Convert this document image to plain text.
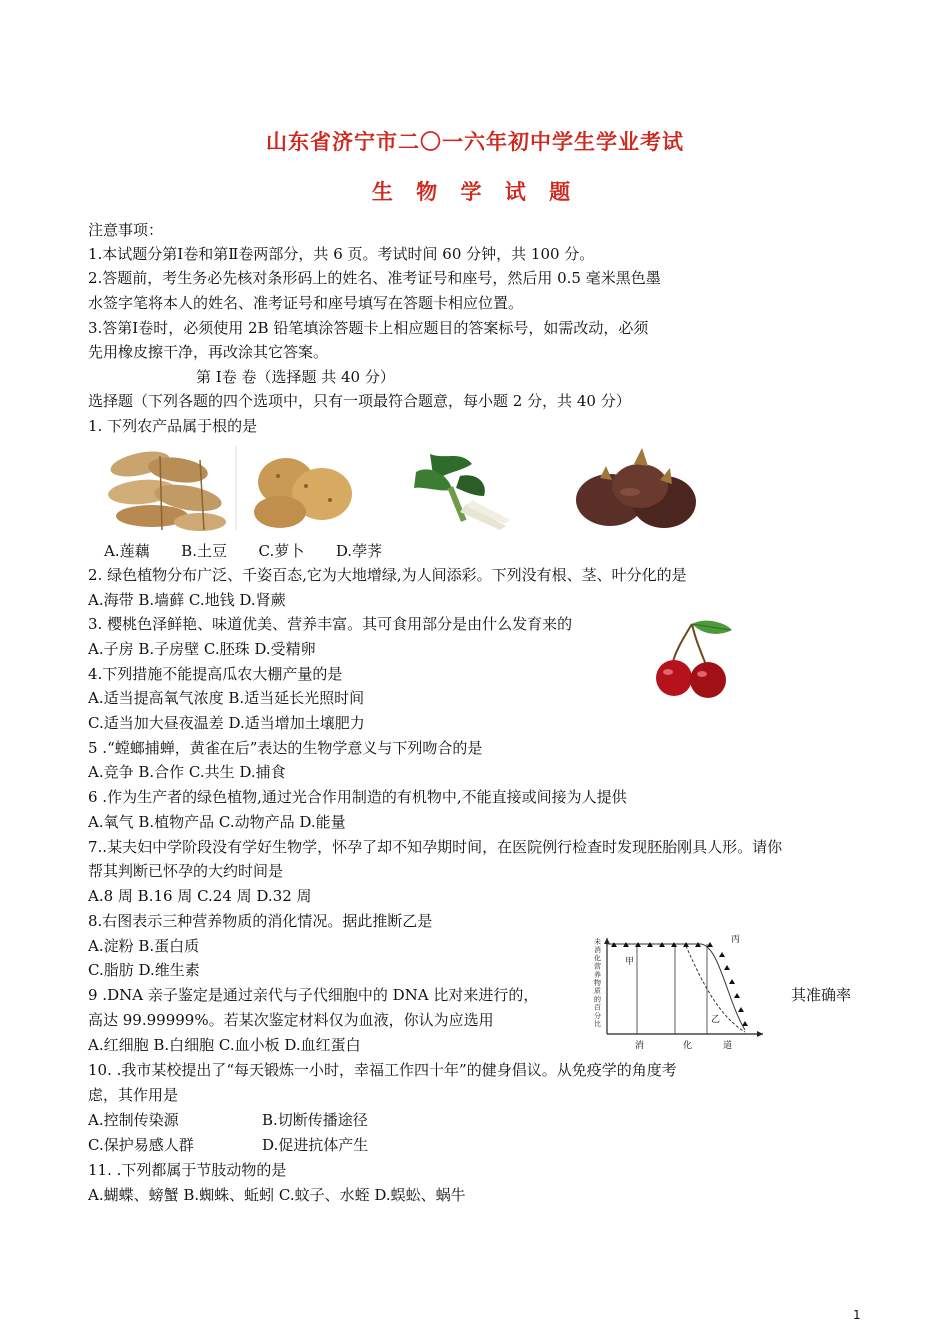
山东省济宁市二〇一六年初中学生学业考试
生 物 学 试 题
注意事项：
1.本试题分第Ⅰ卷和第Ⅱ卷两部分，共 6 页。考试时间 60 分钟，共 100 分。
2.答题前，考生务必先核对条形码上的姓名、准考证号和座号，然后用 0.5 毫米黑色墨
水签字笔将本人的姓名、准考证号和座号填写在答题卡相应位置。
3.答第Ⅰ卷时，必须使用 2B 铅笔填涂答题卡上相应题目的答案标号，如需改动，必须
先用橡皮擦干净，再改涂其它答案。
第 Ⅰ卷 卷（选择题 共 40 分）
选择题（下列各题的四个选项中，只有一项最符合题意，每小题 2 分，共 40 分）
1. 下列农产品属于根的是
A.莲藕 B.土豆 C.萝卜 D.荸荠
2. 绿色植物分布广泛、千姿百态,它为大地增绿,为人间添彩。下列没有根、茎、叶分化的是
A.海带 B.墙藓 C.地钱 D.肾蕨
3. 樱桃色泽鲜艳、味道优美、营养丰富。其可食用部分是由什么发育来的
A.子房 B.子房壁 C.胚珠 D.受精卵
4.下列措施不能提高瓜农大棚产量的是
A.适当提高氧气浓度 B.适当延长光照时间
C.适当加大昼夜温差 D.适当增加土壤肥力
5 .“螳螂捕蝉，黄雀在后”表达的生物学意义与下列吻合的是
A.竞争 B.合作 C.共生 D.捕食
6 .作为生产者的绿色植物,通过光合作用制造的有机物中,不能直接或间接为人提供
A.氧气 B.植物产品 C.动物产品 D.能量
7..某夫妇中学阶段没有学好生物学，怀孕了却不知孕期时间，在医院例行检查时发现胚胎刚具人形。请你
帮其判断已怀孕的大约时间是
A.8 周 B.16 周 C.24 周 D.32 周
8.右图表示三种营养物质的消化情况。据此推断乙是
A.淀粉 B.蛋白质
C.脂肪 D.维生素
未消化营养物质的百分比
甲
乙
丙
消	化	道
9 .DNA 亲子鉴定是通过亲代与子代细胞中的 DNA 比对来进行的，	其准确率
高达 99.99999%。若某次鉴定材料仅为血液，你认为应选用
A.红细胞 B.白细胞 C.血小板 D.血红蛋白
10. .我市某校提出了“每天锻炼一小时，幸福工作四十年”的健身倡议。从免疫学的角度考
虑，其作用是
A.控制传染源	B.切断传播途径
C.保护易感人群	D.促进抗体产生
11. .下列都属于节肢动物的是
A.蝴蝶、螃蟹 B.蜘蛛、蚯蚓 C.蚊子、水蛭 D.蜈蚣、蜗牛
1
